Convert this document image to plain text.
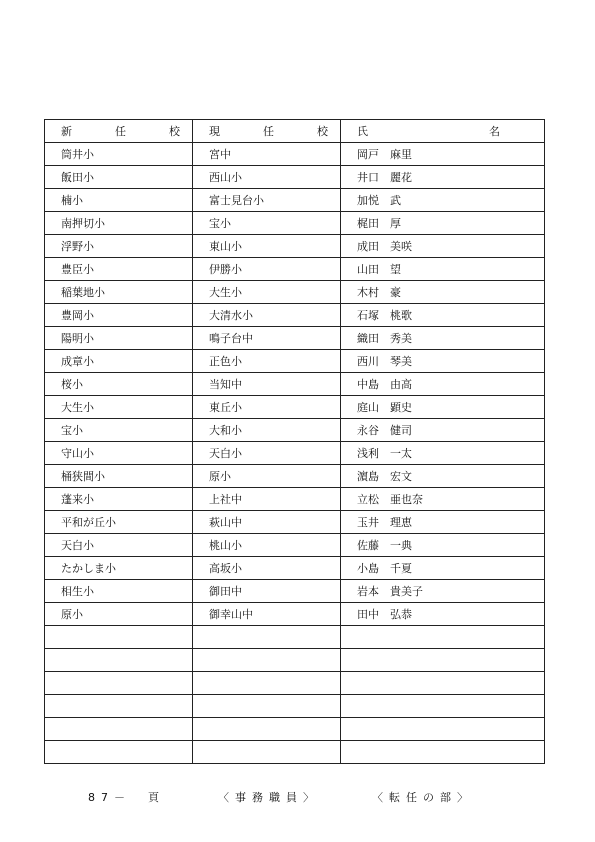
新 任 校	現 任 校	氏 名

筒井小	宮中	岡戸　麻里
飯田小	西山小	井口　麗花
楠小	富士見台小	加悦　武
南押切小	宝小	梶田　厚
浮野小	東山小	成田　美咲
豊臣小	伊勝小	山田　望
稲葉地小	大生小	木村　豪
豊岡小	大清水小	石塚　桃歌
陽明小	鳴子台中	織田　秀美
成章小	正色小	西川　琴美
桜小	当知中	中島　由高
大生小	東丘小	庭山　顕史
宝小	大和小	永谷　健司
守山小	天白小	浅利　一太
桶狭間小	原小	濵島　宏文
蓬来小	上社中	立松　亜也奈
平和が丘小	萩山中	玉井　理恵
天白小	桃山小	佐藤　一典
たかしま小	高坂小	小島　千夏
相生小	御田中	岩本　貴美子
原小	御幸山中	田中　弘恭

87－　頁	〈事務職員〉	〈転任の部〉
